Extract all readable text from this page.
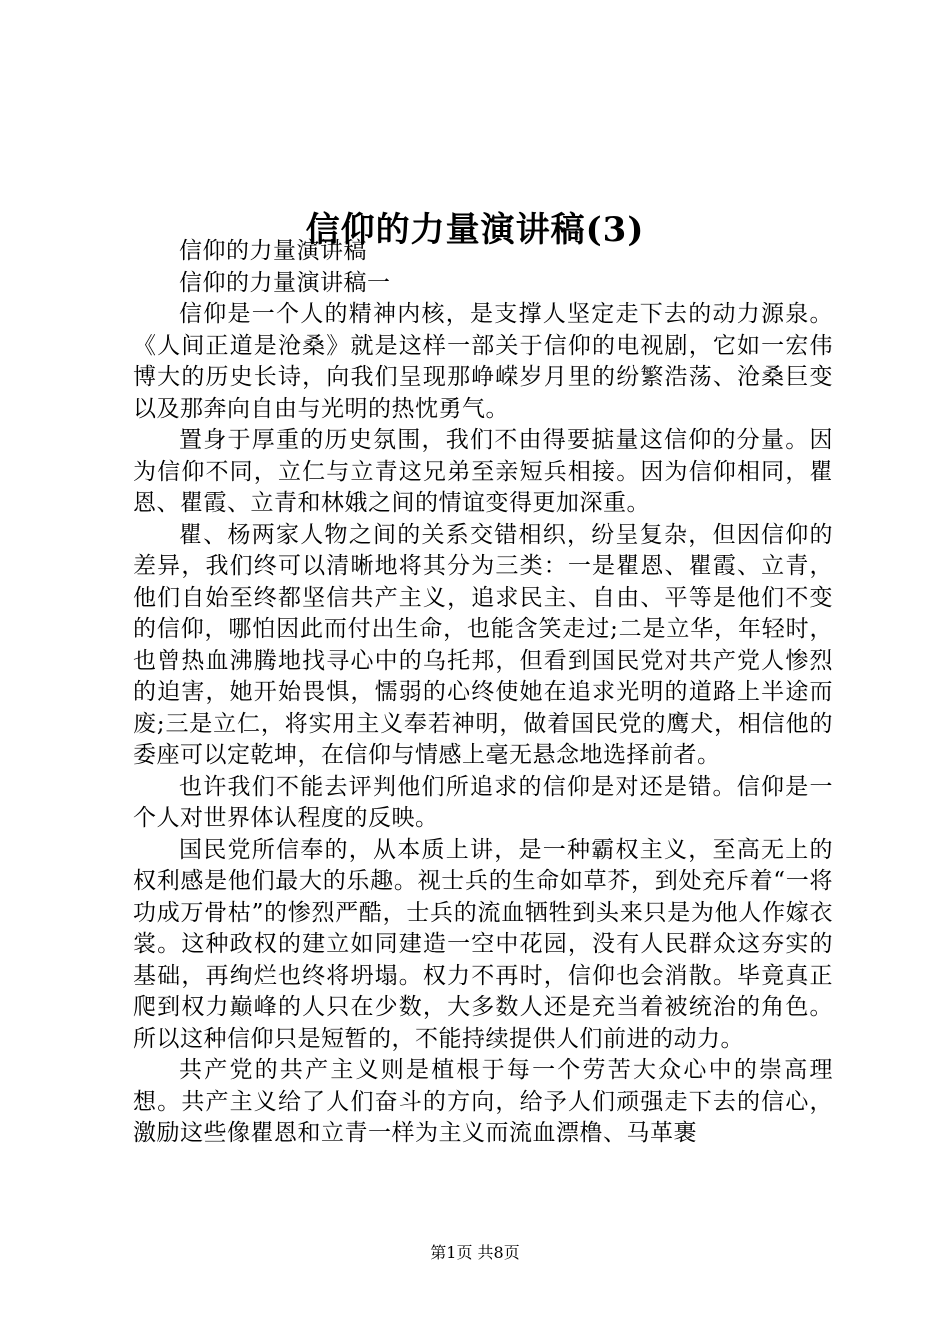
信仰的力量演讲稿(3)

信仰的力量演讲稿

信仰的力量演讲稿一

信仰是一个人的精神内核，是支撑人坚定走下去的动力源泉。《人间正道是沧桑》就是这样一部关于信仰的电视剧，它如一宏伟博大的历史长诗，向我们呈现那峥嵘岁月里的纷繁浩荡、沧桑巨变以及那奔向自由与光明的热忱勇气。

置身于厚重的历史氛围，我们不由得要掂量这信仰的分量。因为信仰不同，立仁与立青这兄弟至亲短兵相接。因为信仰相同，瞿恩、瞿霞、立青和林娥之间的情谊变得更加深重。

瞿、杨两家人物之间的关系交错相织，纷呈复杂，但因信仰的差异，我们终可以清晰地将其分为三类：一是瞿恩、瞿霞、立青，他们自始至终都坚信共产主义，追求民主、自由、平等是他们不变的信仰，哪怕因此而付出生命，也能含笑走过;二是立华，年轻时，也曾热血沸腾地找寻心中的乌托邦，但看到国民党对共产党人惨烈的迫害，她开始畏惧，懦弱的心终使她在追求光明的道路上半途而废;三是立仁，将实用主义奉若神明，做着国民党的鹰犬，相信他的委座可以定乾坤，在信仰与情感上毫无悬念地选择前者。

也许我们不能去评判他们所追求的信仰是对还是错。信仰是一个人对世界体认程度的反映。

国民党所信奉的，从本质上讲，是一种霸权主义，至高无上的权利感是他们最大的乐趣。视士兵的生命如草芥，到处充斥着“一将功成万骨枯”的惨烈严酷，士兵的流血牺牲到头来只是为他人作嫁衣裳。这种政权的建立如同建造一空中花园，没有人民群众这夯实的基础，再绚烂也终将坍塌。权力不再时，信仰也会消散。毕竟真正爬到权力巅峰的人只在少数，大多数人还是充当着被统治的角色。所以这种信仰只是短暂的，不能持续提供人们前进的动力。

共产党的共产主义则是植根于每一个劳苦大众心中的崇高理想。共产主义给了人们奋斗的方向，给予人们顽强走下去的信心，激励这些像瞿恩和立青一样为主义而流血漂橹、马革裹

第1页 共8页
